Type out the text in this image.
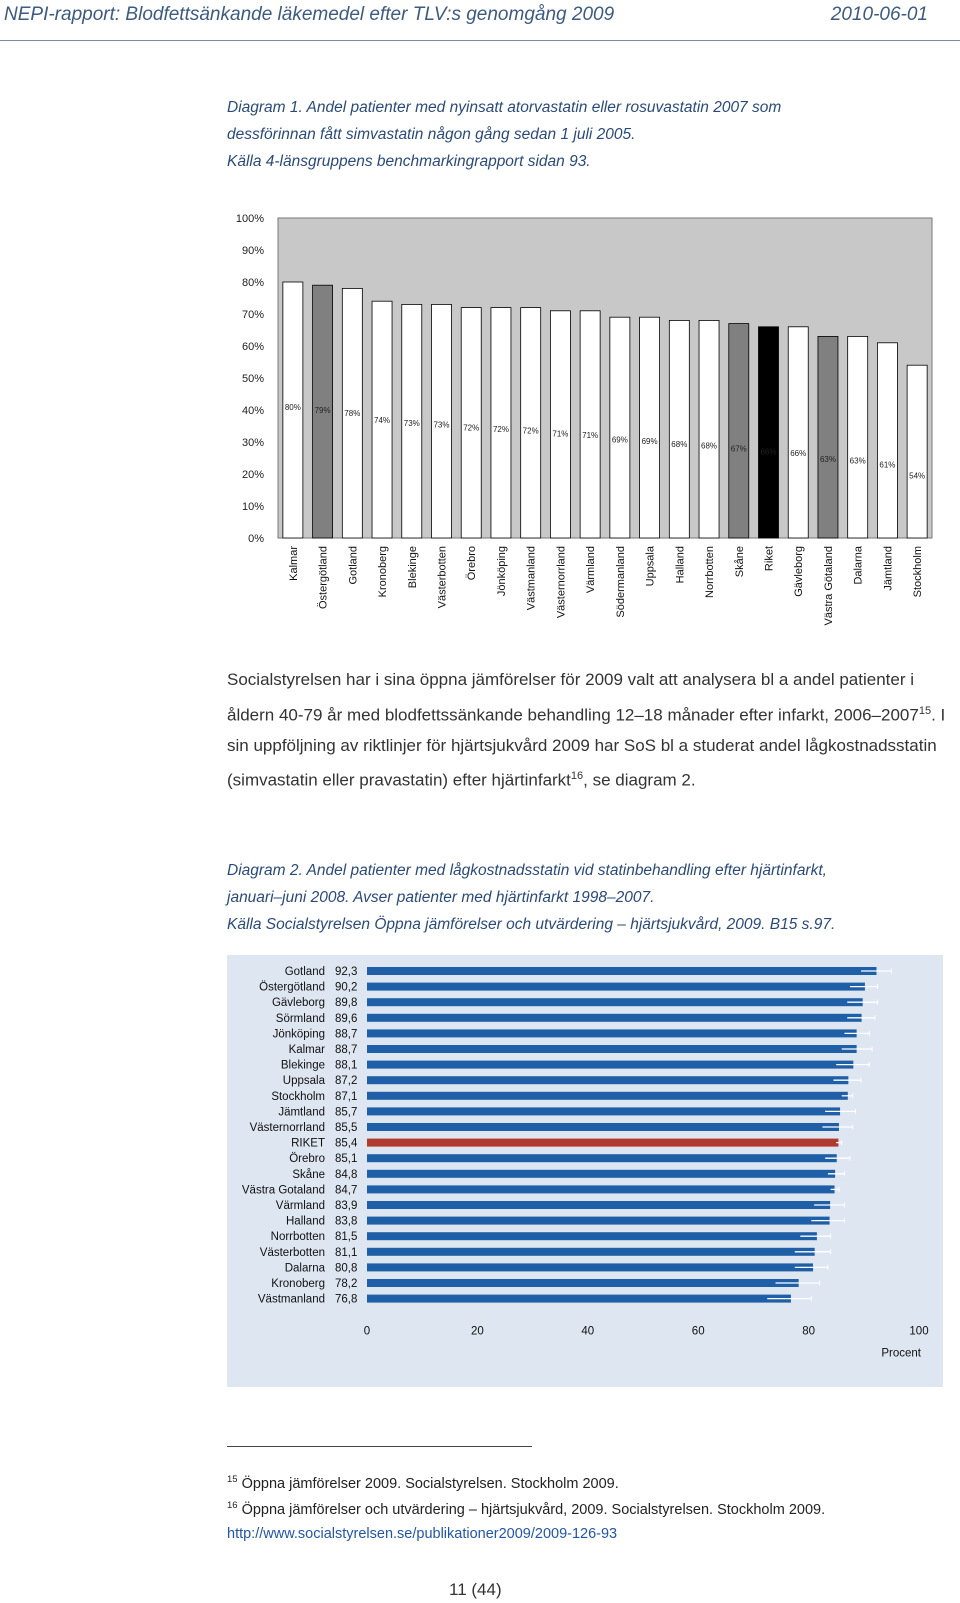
NEPI-rapport: Blodfettsänkande läkemedel efter TLV:s genomgång 2009	2010-06-01
Diagram 1. Andel patienter med nyinsatt atorvastatin eller rosuvastatin 2007 som
dessförinnan fått simvastatin någon gång sedan 1 juli 2005.
Källa 4-länsgruppens benchmarkingrapport sidan 93.
0%
10%
20%
30%
40%
50%
60%
70%
80%
90%
100%
80%
Kalmar
79%
Östergötland
78%
Gotland
74%
Kronoberg
73%
Blekinge
73%
Västerbotten
72%
Örebro
72%
Jönköping
72%
Västmanland
71%
Västernorrland
71%
Värmland
69%
Södermanland
69%
Uppsala
68%
Halland
68%
Norrbotten
67%
Skåne
66%
Riket
66%
Gävleborg
63%
Västra Götaland
63%
Dalarna
61%
Jämtland
54%
Stockholm
Socialstyrelsen har i sina öppna jämförelser för 2009 valt att analysera bl a andel patienter i åldern 40-79 år med blodfettssänkande behandling 12–18 månader efter infarkt, 2006–2007$^{15}$. I sin uppföljning av riktlinjer för hjärtsjukvård 2009 har SoS bl a studerat andel lågkostnadsstatin (simvastatin eller pravastatin) efter hjärtinfarkt$^{16}$, se diagram 2.
Diagram 2. Andel patienter med lågkostnadsstatin vid statinbehandling efter hjärtinfarkt,
januari–juni 2008. Avser patienter med hjärtinfarkt 1998–2007.
Källa Socialstyrelsen Öppna jämförelser och utvärdering – hjärtsjukvård, 2009. B15 s.97.
Gotland 92,3
Östergötland 90,2
Gävleborg 89,8
Sörmland 89,6
Jönköping 88,7
Kalmar 88,7
Blekinge 88,1
Uppsala 87,2
Stockholm 87,1
Jämtland 85,7
Västernorrland 85,5
RIKET 85,4
Örebro 85,1
Skåne 84,8
Västra Gotaland 84,7
Värmland 83,9
Halland 83,8
Norrbotten 81,5
Västerbotten 81,1
Dalarna 80,8
Kronoberg 78,2
Västmanland 76,8
0	20	40	60	80	100
Procent
$^{15}$ Öppna jämförelser 2009. Socialstyrelsen. Stockholm 2009.
$^{16}$ Öppna jämförelser och utvärdering – hjärtsjukvård, 2009. Socialstyrelsen. Stockholm 2009.
http://www.socialstyrelsen.se/publikationer2009/2009-126-93
11 (44)
